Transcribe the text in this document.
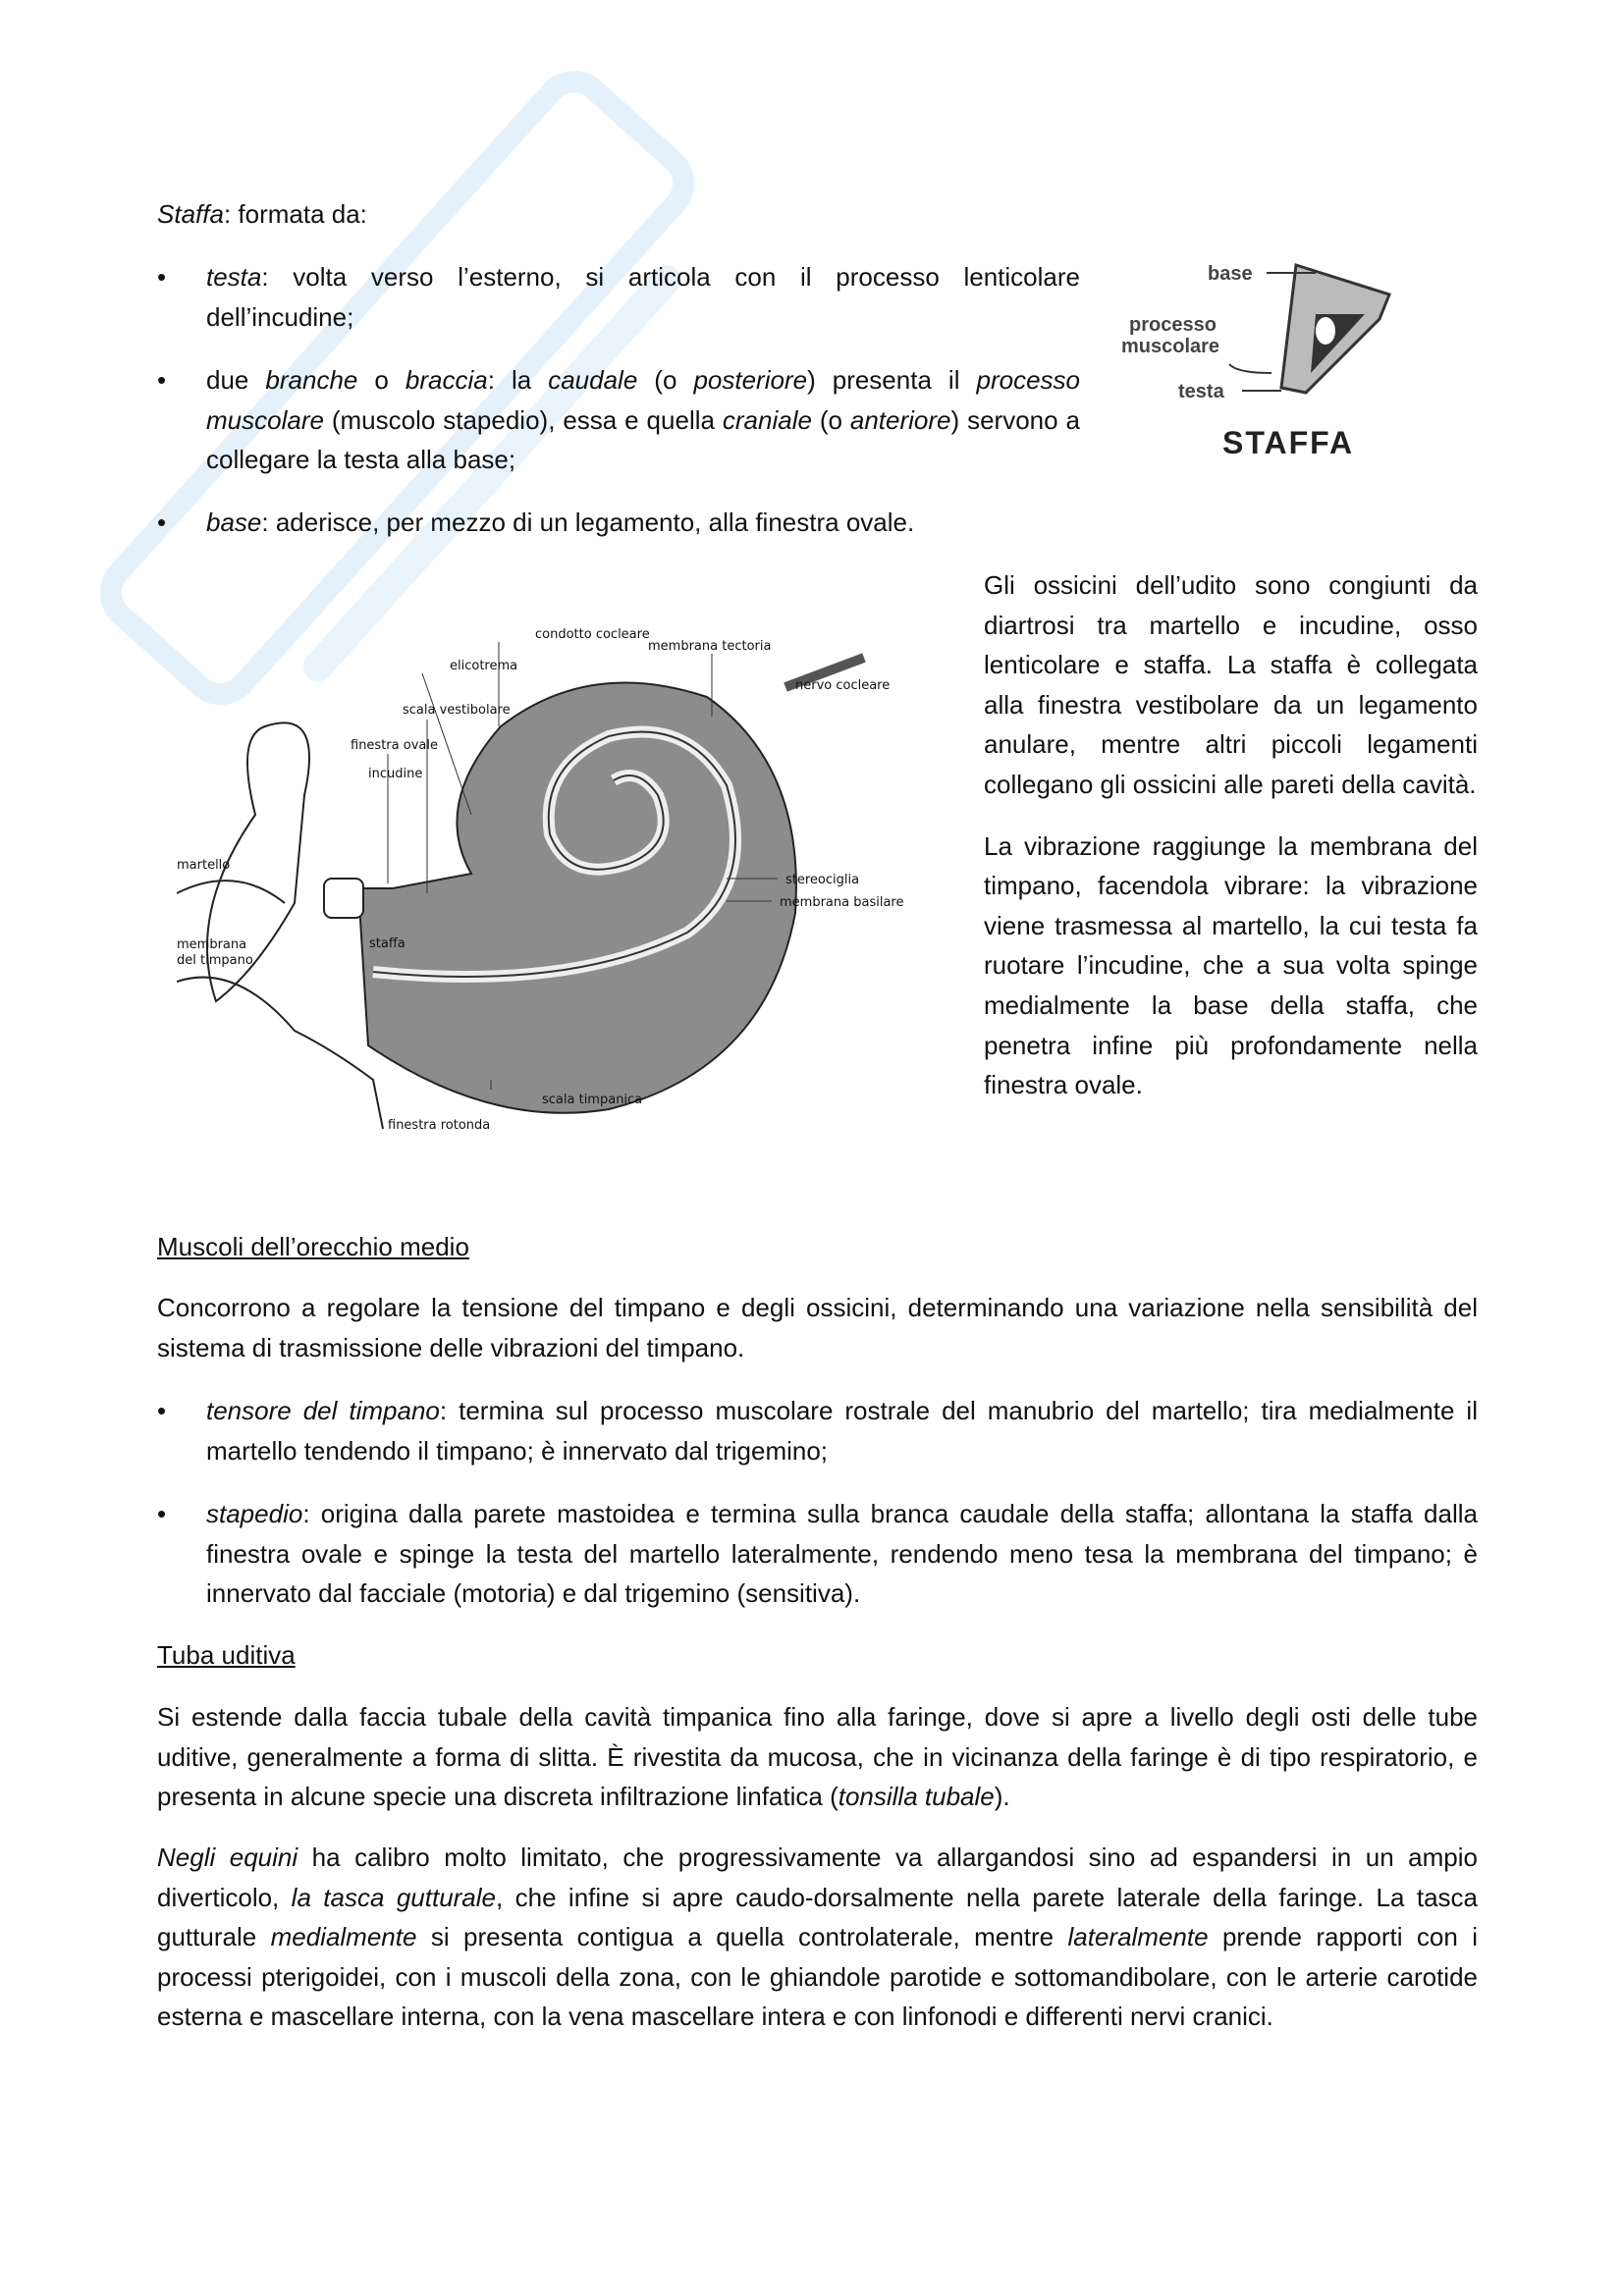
Staffa: formata da:
• testa: volta verso l’esterno, si articola con il processo lenticolare dell’incudine;
• due branche o braccia: la caudale (o posteriore) presenta il processo muscolare (muscolo stapedio), essa e quella craniale (o anteriore) servono a collegare la testa alla base;
• base: aderisce, per mezzo di un legamento, alla finestra ovale.
base
processo
muscolare
testa
STAFFA
condotto cocleare
membrana tectoria
elicotrema
nervo cocleare
scala vestibolare
finestra ovale
incudine
martello
membrana
del timpano
staffa
stereociglia
membrana basilare
scala timpanica
finestra rotonda

Gli ossicini dell’udito sono congiunti da diartrosi tra martello e incudine, osso lenticolare e staffa. La staffa è collegata alla finestra vestibolare da un legamento anulare, mentre altri piccoli legamenti collegano gli ossicini alle pareti della cavità.

La vibrazione raggiunge la membrana del timpano, facendola vibrare: la vibrazione viene trasmessa al martello, la cui testa fa ruotare l’incudine, che a sua volta spinge medialmente la base della staffa, che penetra infine più profondamente nella finestra ovale.

Muscoli dell’orecchio medio
Concorrono a regolare la tensione del timpano e degli ossicini, determinando una variazione nella sensibilità del sistema di trasmissione delle vibrazioni del timpano.
• tensore del timpano: termina sul processo muscolare rostrale del manubrio del martello; tira medialmente il martello tendendo il timpano; è innervato dal trigemino;
• stapedio: origina dalla parete mastoidea e termina sulla branca caudale della staffa; allontana la staffa dalla finestra ovale e spinge la testa del martello lateralmente, rendendo meno tesa la membrana del timpano; è innervato dal facciale (motoria) e dal trigemino (sensitiva).
Tuba uditiva
Si estende dalla faccia tubale della cavità timpanica fino alla faringe, dove si apre a livello degli osti delle tube uditive, generalmente a forma di slitta. È rivestita da mucosa, che in vicinanza della faringe è di tipo respiratorio, e presenta in alcune specie una discreta infiltrazione linfatica (tonsilla tubale).
Negli equini ha calibro molto limitato, che progressivamente va allargandosi sino ad espandersi in un ampio diverticolo, la tasca gutturale, che infine si apre caudo-dorsalmente nella parete laterale della faringe. La tasca gutturale medialmente si presenta contigua a quella controlaterale, mentre lateralmente prende rapporti con i processi pterigoidei, con i muscoli della zona, con le ghiandole parotide e sottomandibolare, con le arterie carotide esterna e mascellare interna, con la vena mascellare intera e con linfonodi e differenti nervi cranici.
